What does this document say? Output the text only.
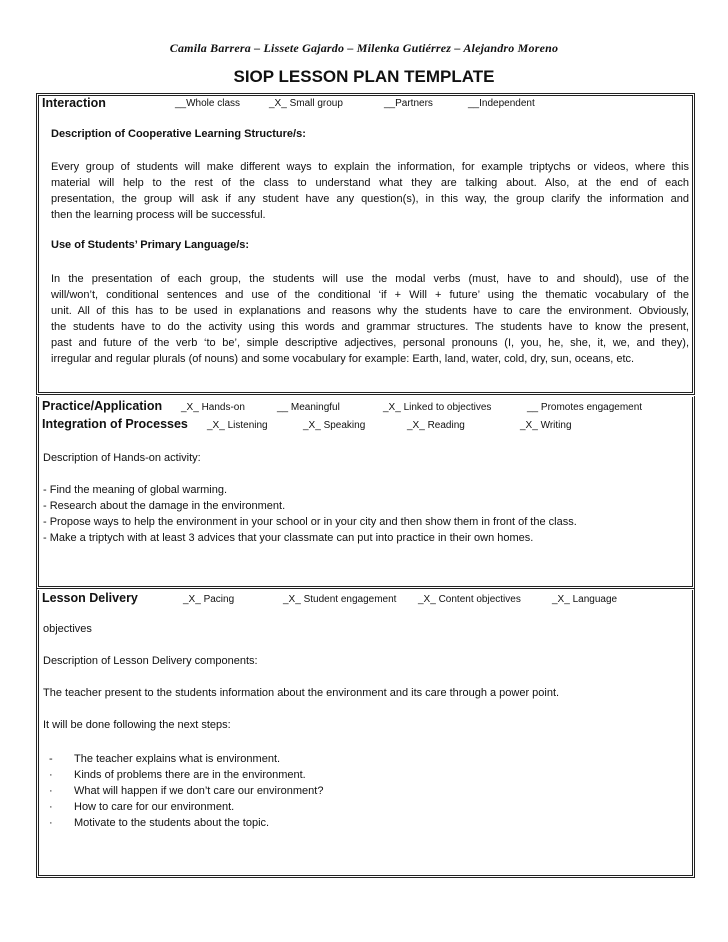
Camila Barrera – Lissete Gajardo – Milenka Gutiérrez – Alejandro Moreno
SIOP LESSON PLAN TEMPLATE
Interaction	__Whole class	_X_ Small group	__Partners	__Independent
Description of Cooperative Learning Structure/s:
Every group of students will make different ways to explain the information, for example triptychs or videos, where this
material will help to the rest of the class to understand what they are talking about. Also, at the end of each
presentation, the group will ask if any student have any question(s), in this way, the group clarify the information and
then the learning process will be successful.
Use of Students’ Primary Language/s:
In the presentation of each group, the students will use the modal verbs (must, have to and should), use of the
will/won’t, conditional sentences and use of the conditional ‘if + Will + future’ using the thematic vocabulary of the
unit. All of this has to be used in explanations and reasons why the students have to care the environment. Obviously,
the students have to do the activity using this words and grammar structures. The students have to know the present,
past and future of the verb ‘to be’, simple descriptive adjectives, personal pronouns (I, you, he, she, it, we, and they),
irregular and regular plurals (of nouns) and some vocabulary for example: Earth, land, water, cold, dry, sun, oceans, etc.
Practice/Application _X_ Hands-on	__ Meaningful	_X_ Linked to objectives	__ Promotes engagement
Integration of Processes _X_ Listening	_X_ Speaking	_X_ Reading	_X_ Writing
Description of Hands-on activity:
- Find the meaning of global warming.
- Research about the damage in the environment.
- Propose ways to help the environment in your school or in your city and then show them in front of the class.
- Make a triptych with at least 3 advices that your classmate can put into practice in their own homes.
Lesson Delivery	_X_ Pacing	_X_ Student engagement _X_ Content objectives	_X_ Language
objectives
Description of Lesson Delivery components:
The teacher present to the students information about the environment and its care through a power point.
It will be done following the next steps:
- The teacher explains what is environment.
· Kinds of problems there are in the environment.
· What will happen if we don’t care our environment?
· How to care for our environment.
· Motivate to the students about the topic.
